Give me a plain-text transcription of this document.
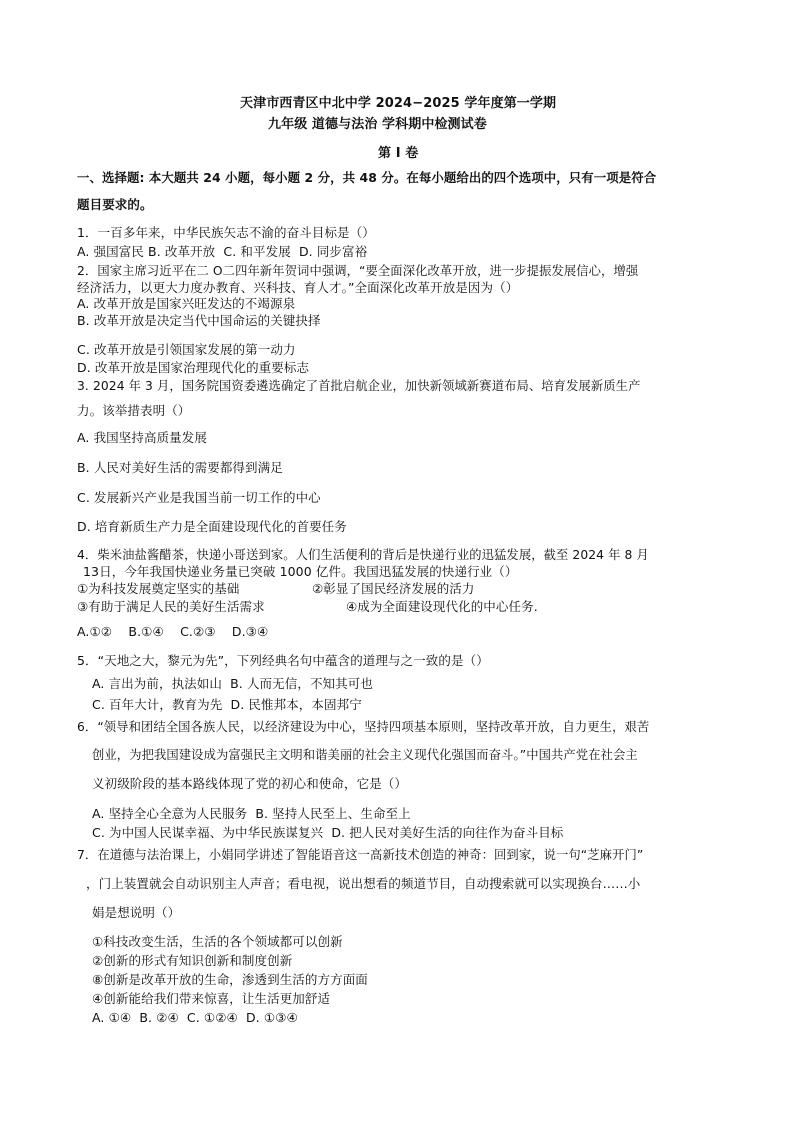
天津市西青区中北中学 2024−2025 学年度第一学期
九年级 道德与法治 学科期中检测试卷
第 I 卷
一、选择题: 本大题共 24 小题，每小题 2 分，共 48 分。在每小题给出的四个选项中，只有一项是符合
题目要求的。
1．一百多年来，中华民族矢志不渝的奋斗目标是（）
A. 强国富民 B. 改革开放  C. 和平发展  D. 同步富裕
2．国家主席习近平在二 O二四年新年贺词中强调，“要全面深化改革开放，进一步提振发展信心，增强
经济活力，以更大力度办教育、兴科技、育人才。”全面深化改革开放是因为（）
A. 改革开放是国家兴旺发达的不竭源泉
B. 改革开放是决定当代中国命运的关键抉择
C. 改革开放是引领国家发展的第一动力
D. 改革开放是国家治理现代化的重要标志
3. 2024 年 3 月，国务院国资委遴选确定了首批启航企业，加快新领域新赛道布局、培育发展新质生产
力。该举措表明（）
A. 我国坚持高质量发展
B. 人民对美好生活的需要都得到满足
C. 发展新兴产业是我国当前一切工作的中心
D. 培育新质生产力是全面建设现代化的首要任务
4．柴米油盐酱醋茶，快递小哥送到家。人们生活便利的背后是快递行业的迅猛发展，截至 2024 年 8 月
13日，今年我国快递业务量已突破 1000 亿件。我国迅猛发展的快递行业（）
①为科技发展奠定坚实的基础	②彰显了国民经济发展的活力
③有助于满足人民的美好生活需求	④成为全面建设现代化的中心任务.
A.①②    B.①④    C.②③    D.③④
5．“天地之大，黎元为先”，下列经典名句中蕴含的道理与之一致的是（）
A. 言出为前，执法如山  B. 人而无信，不知其可也
C. 百年大计，教育为先  D. 民惟邦本，本固邦宁
6．“领导和团结全国各族人民，以经济建设为中心，坚持四项基本原则，坚持改革开放，自力更生，艰苦
创业，为把我国建设成为富强民主文明和谐美丽的社会主义现代化强国而奋斗。”中国共产党在社会主
义初级阶段的基本路线体现了党的初心和使命，它是（）
A. 坚持全心全意为人民服务  B. 坚持人民至上、生命至上
C. 为中国人民谋幸福、为中华民族谋复兴  D. 把人民对美好生活的向往作为奋斗目标
7．在道德与法治课上，小娟同学讲述了智能语音这一高新技术创造的神奇：回到家，说一句“芝麻开门”
，门上装置就会自动识别主人声音；看电视，说出想看的频道节目，自动搜索就可以实现换台……小
娟是想说明（）
①科技改变生活，生活的各个领域都可以创新
②创新的形式有知识创新和制度创新
⑧创新是改革开放的生命，渗透到生活的方方面面
④创新能给我们带来惊喜，让生活更加舒适
A. ①④  B. ②④  C. ①②④  D. ①③④
